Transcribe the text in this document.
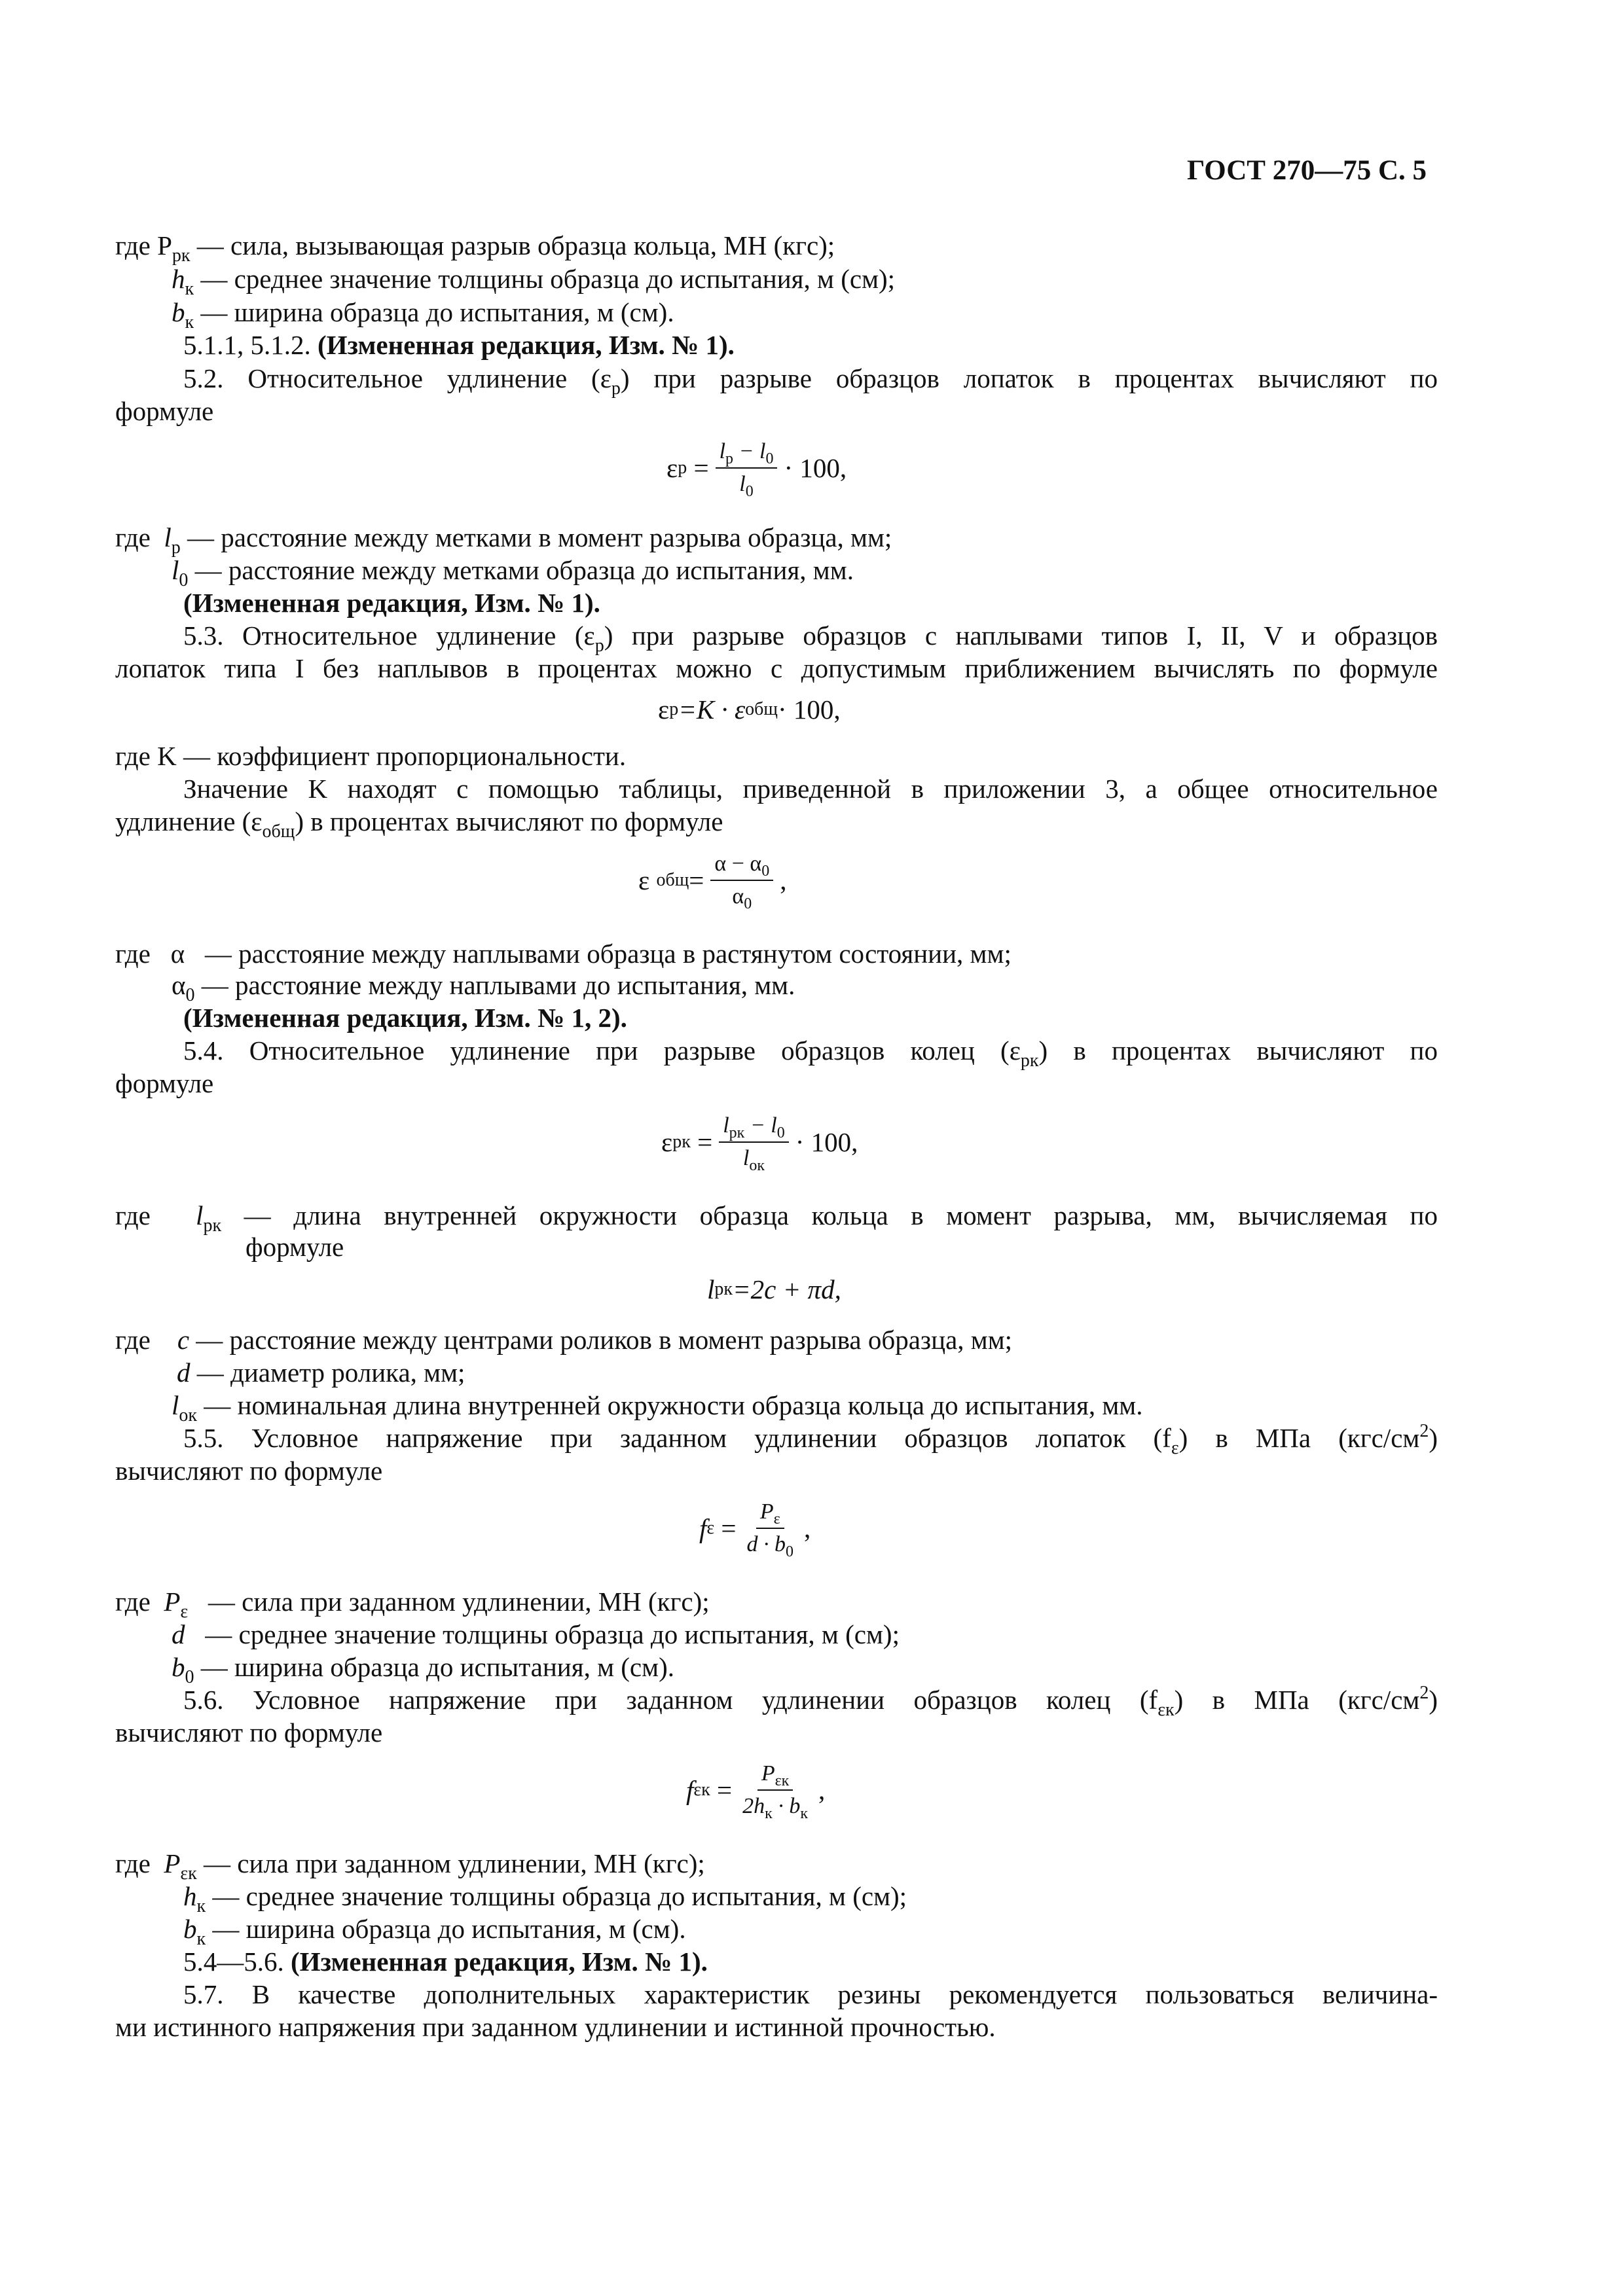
ГОСТ 270—75 С. 5
где $P_{рк}$ — сила, вызывающая разрыв образца кольца, МН (кгс);
$h_к$ — среднее значение толщины образца до испытания, м (см);
$b_к$ — ширина образца до испытания, м (см).
5.1.1, 5.1.2. (Измененная редакция, Изм. № 1).
5.2. Относительное удлинение $(\varepsilon_р)$ при разрыве образцов лопаток в процентах вычисляют по
формуле
ε $р = \frac{l_р - l_0}{l_0} \cdot 100$,
где  $l_р$ — расстояние между метками в момент разрыва образца, мм;
$l_0$ — расстояние между метками образца до испытания, мм.
(Измененная редакция, Изм. № 1).
5.3. Относительное удлинение $(\varepsilon_р)$ при разрыве образцов с наплывами типов I, II, V и образцов
лопаток типа I без наплывов в процентах можно с допустимым приближением вычислять по формуле
ε р =K · ε общ · 100,
где K — коэффициент пропорциональности.
Значение K находят с помощью таблицы, приведенной в приложении 3, а общее относительное
удлинение $(\varepsilon_{общ})$ в процентах вычисляют по формуле
ε
общ = $\frac{\alpha - \alpha_0}{\alpha_0}$ ,
где   α   — расстояние между наплывами образца в растянутом состоянии, мм;
$\alpha_0$ — расстояние между наплывами до испытания, мм.
(Измененная редакция, Изм. № 1, 2).
5.4. Относительное удлинение при разрыве образцов колец $(\varepsilon_{рк})$ в процентах вычисляют по
формуле
ε рк = $\frac{l_{рк} - l_0}{l_{ок}} \cdot 100$,
где  $l_{рк}$ — длина внутренней окружности образца кольца в момент разрыва, мм, вычисляемая по
формуле
l рк =2c + πd,
где    c — расстояние между центрами роликов в момент разрыва образца, мм;
d — диаметр ролика, мм;
$l_{ок}$ — номинальная длина внутренней окружности образца кольца до испытания, мм.
5.5. Условное напряжение при заданном удлинении образцов лопаток $(f_\varepsilon)$ в МПа $(кгс/см^2)$
вычисляют по формуле
f $\varepsilon = \frac{P_\varepsilon}{d \cdot b_0}$ ,
где  $P_\varepsilon$   — сила при заданном удлинении, МН (кгс);
d   — среднее значение толщины образца до испытания, м (см);
$b_0$ — ширина образца до испытания, м (см).
5.6. Условное напряжение при заданном удлинении образцов колец $(f_{\varepsilon к})$ в МПа $(кгс/см^2)$
вычисляют по формуле
f $\varepsilon к = \frac{P_{\varepsilon к}}{2h_к \cdot b_к}$ ,
где  $P_{\varepsilon к}$ — сила при заданном удлинении, МН (кгс);
$h_к$ — среднее значение толщины образца до испытания, м (см);
$b_к$ — ширина образца до испытания, м (см).
5.4—5.6. (Измененная редакция, Изм. № 1).
5.7. В качестве дополнительных характеристик резины рекомендуется пользоваться величина-
ми истинного напряжения при заданном удлинении и истинной прочностью.
